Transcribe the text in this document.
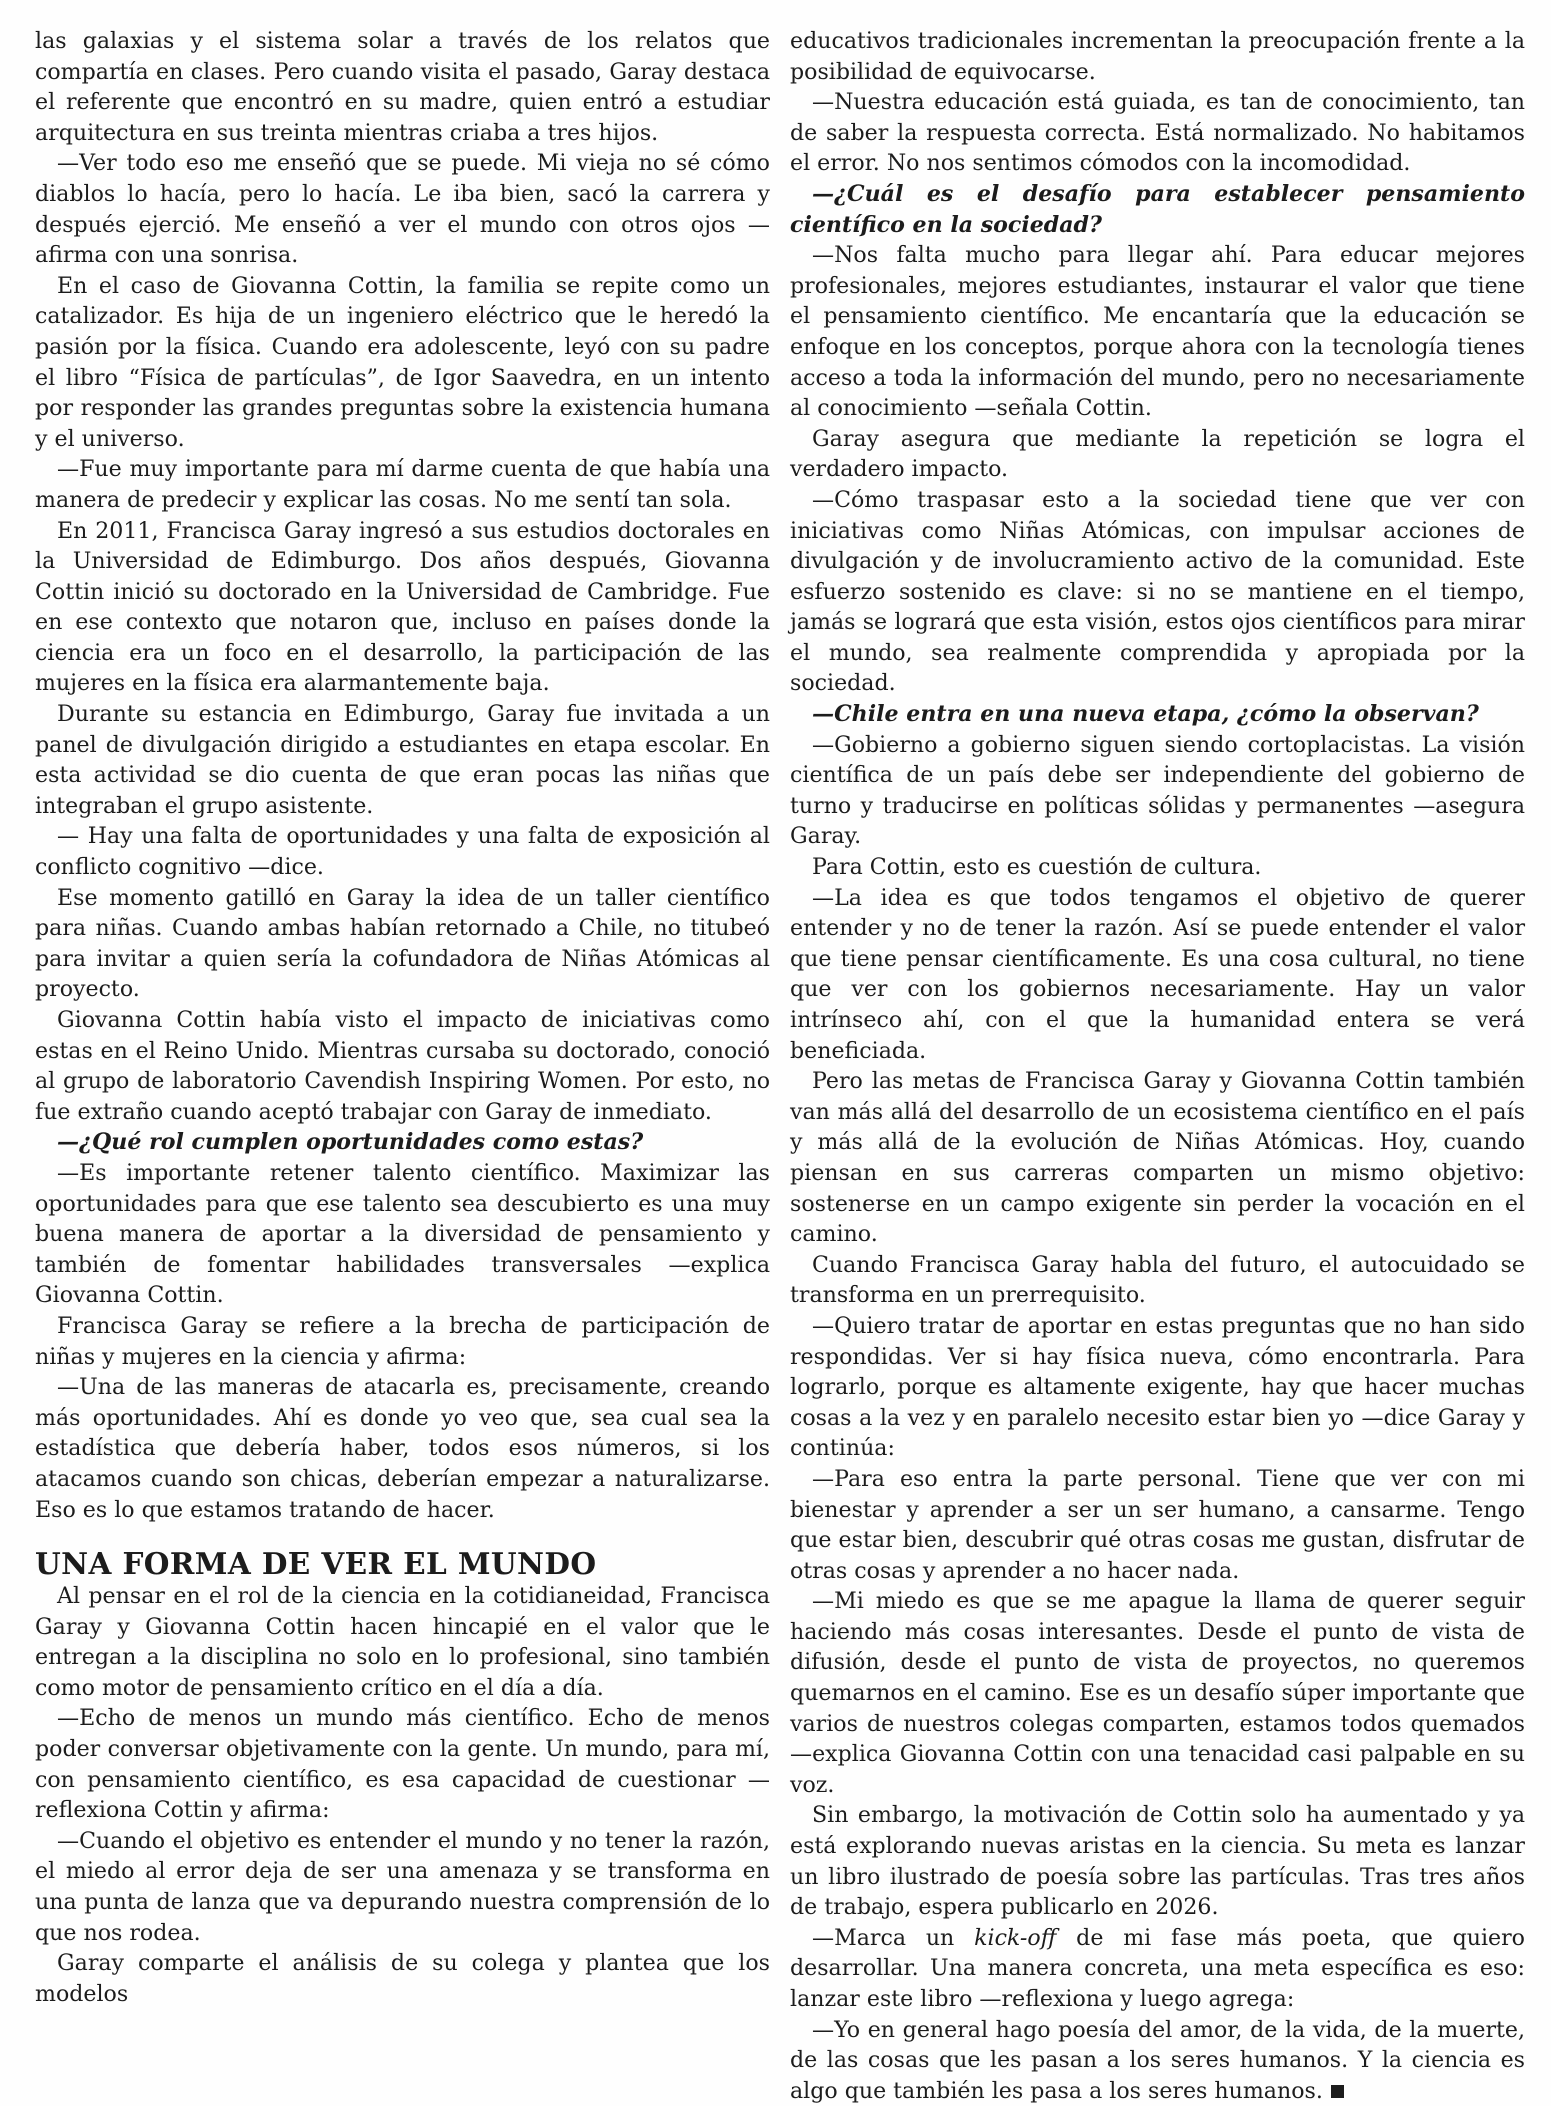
las galaxias y el sistema solar a través de los relatos que compartía en clases. Pero cuando visita el pasado, Garay destaca el referente que encontró en su madre, quien entró a estudiar arquitectura en sus treinta mientras criaba a tres hijos.

—Ver todo eso me enseñó que se puede. Mi vieja no sé cómo diablos lo hacía, pero lo hacía. Le iba bien, sacó la carrera y después ejerció. Me enseñó a ver el mundo con otros ojos —afirma con una sonrisa.

En el caso de Giovanna Cottin, la familia se repite como un catalizador. Es hija de un ingeniero eléctrico que le heredó la pasión por la física. Cuando era adolescente, leyó con su padre el libro “Física de partículas”, de Igor Saavedra, en un intento por responder las grandes preguntas sobre la existencia humana y el universo.

—Fue muy importante para mí darme cuenta de que había una manera de predecir y explicar las cosas. No me sentí tan sola.

En 2011, Francisca Garay ingresó a sus estudios doctorales en la Universidad de Edimburgo. Dos años después, Giovanna Cottin inició su doctorado en la Universidad de Cambridge. Fue en ese contexto que notaron que, incluso en países donde la ciencia era un foco en el desarrollo, la participación de las mujeres en la física era alarmantemente baja.

Durante su estancia en Edimburgo, Garay fue invitada a un panel de divulgación dirigido a estudiantes en etapa escolar. En esta actividad se dio cuenta de que eran pocas las niñas que integraban el grupo asistente.

— Hay una falta de oportunidades y una falta de exposición al conflicto cognitivo —dice.

Ese momento gatilló en Garay la idea de un taller científico para niñas. Cuando ambas habían retornado a Chile, no titubeó para invitar a quien sería la cofundadora de Niñas Atómicas al proyecto.

Giovanna Cottin había visto el impacto de iniciativas como estas en el Reino Unido. Mientras cursaba su doctorado, conoció al grupo de laboratorio Cavendish Inspiring Women. Por esto, no fue extraño cuando aceptó trabajar con Garay de inmediato.

—¿Qué rol cumplen oportunidades como estas?

—Es importante retener talento científico. Maximizar las oportunidades para que ese talento sea descubierto es una muy buena manera de aportar a la diversidad de pensamiento y también de fomentar habilidades transversales —explica Giovanna Cottin.

Francisca Garay se refiere a la brecha de participación de niñas y mujeres en la ciencia y afirma:

—Una de las maneras de atacarla es, precisamente, creando más oportunidades. Ahí es donde yo veo que, sea cual sea la estadística que debería haber, todos esos números, si los atacamos cuando son chicas, deberían empezar a naturalizarse. Eso es lo que estamos tratando de hacer.

UNA FORMA DE VER EL MUNDO

Al pensar en el rol de la ciencia en la cotidianeidad, Francisca Garay y Giovanna Cottin hacen hincapié en el valor que le entregan a la disciplina no solo en lo profesional, sino también como motor de pensamiento crítico en el día a día.

—Echo de menos un mundo más científico. Echo de menos poder conversar objetivamente con la gente. Un mundo, para mí, con pensamiento científico, es esa capacidad de cuestionar —reflexiona Cottin y afirma:

—Cuando el objetivo es entender el mundo y no tener la razón, el miedo al error deja de ser una amenaza y se transforma en una punta de lanza que va depurando nuestra comprensión de lo que nos rodea.

Garay comparte el análisis de su colega y plantea que los modelos

educativos tradicionales incrementan la preocupación frente a la posibilidad de equivocarse.

—Nuestra educación está guiada, es tan de conocimiento, tan de saber la respuesta correcta. Está normalizado. No habitamos el error. No nos sentimos cómodos con la incomodidad.

—¿Cuál es el desafío para establecer pensamiento científico en la sociedad?

—Nos falta mucho para llegar ahí. Para educar mejores profesionales, mejores estudiantes, instaurar el valor que tiene el pensamiento científico. Me encantaría que la educación se enfoque en los conceptos, porque ahora con la tecnología tienes acceso a toda la información del mundo, pero no necesariamente al conocimiento —señala Cottin.

Garay asegura que mediante la repetición se logra el verdadero impacto.

—Cómo traspasar esto a la sociedad tiene que ver con iniciativas como Niñas Atómicas, con impulsar acciones de divulgación y de involucramiento activo de la comunidad. Este esfuerzo sostenido es clave: si no se mantiene en el tiempo, jamás se logrará que esta visión, estos ojos científicos para mirar el mundo, sea realmente comprendida y apropiada por la sociedad.

—Chile entra en una nueva etapa, ¿cómo la observan?

—Gobierno a gobierno siguen siendo cortoplacistas. La visión científica de un país debe ser independiente del gobierno de turno y traducirse en políticas sólidas y permanentes —asegura Garay.

Para Cottin, esto es cuestión de cultura.

—La idea es que todos tengamos el objetivo de querer entender y no de tener la razón. Así se puede entender el valor que tiene pensar científicamente. Es una cosa cultural, no tiene que ver con los gobiernos necesariamente. Hay un valor intrínseco ahí, con el que la humanidad entera se verá beneficiada.

Pero las metas de Francisca Garay y Giovanna Cottin también van más allá del desarrollo de un ecosistema científico en el país y más allá de la evolución de Niñas Atómicas. Hoy, cuando piensan en sus carreras comparten un mismo objetivo: sostenerse en un campo exigente sin perder la vocación en el camino.

Cuando Francisca Garay habla del futuro, el autocuidado se transforma en un prerrequisito.

—Quiero tratar de aportar en estas preguntas que no han sido respondidas. Ver si hay física nueva, cómo encontrarla. Para lograrlo, porque es altamente exigente, hay que hacer muchas cosas a la vez y en paralelo necesito estar bien yo —dice Garay y continúa:

—Para eso entra la parte personal. Tiene que ver con mi bienestar y aprender a ser un ser humano, a cansarme. Tengo que estar bien, descubrir qué otras cosas me gustan, disfrutar de otras cosas y aprender a no hacer nada.

—Mi miedo es que se me apague la llama de querer seguir haciendo más cosas interesantes. Desde el punto de vista de difusión, desde el punto de vista de proyectos, no queremos quemarnos en el camino. Ese es un desafío súper importante que varios de nuestros colegas comparten, estamos todos quemados —explica Giovanna Cottin con una tenacidad casi palpable en su voz.

Sin embargo, la motivación de Cottin solo ha aumentado y ya está explorando nuevas aristas en la ciencia. Su meta es lanzar un libro ilustrado de poesía sobre las partículas. Tras tres años de trabajo, espera publicarlo en 2026.

—Marca un kick-off de mi fase más poeta, que quiero desarrollar. Una manera concreta, una meta específica es eso: lanzar este libro —reflexiona y luego agrega:

—Yo en general hago poesía del amor, de la vida, de la muerte, de las cosas que les pasan a los seres humanos. Y la ciencia es algo que también les pasa a los seres humanos.
